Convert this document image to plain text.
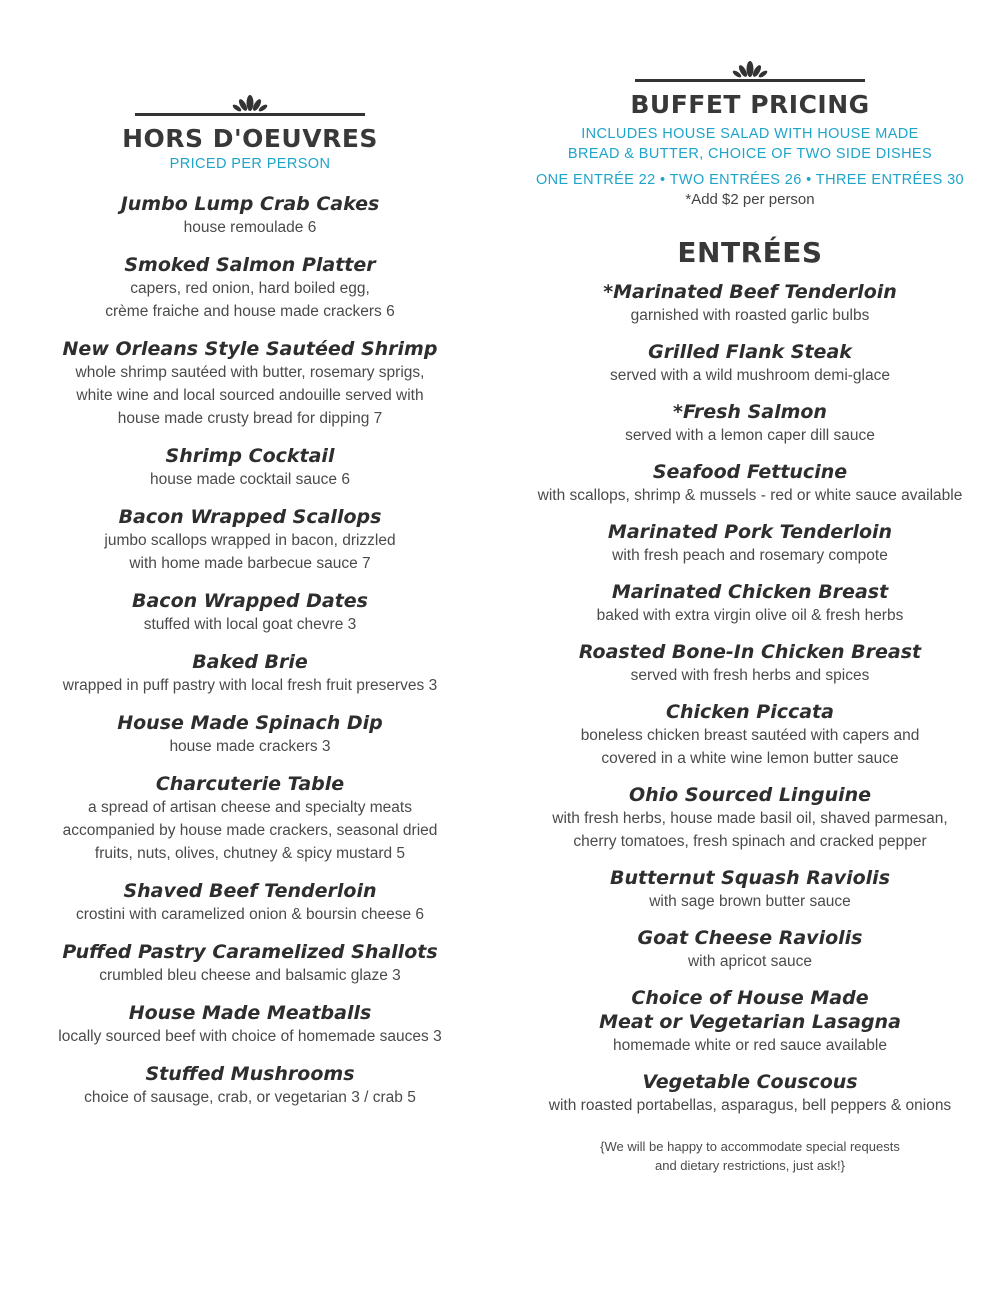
HORS D'OEUVRES
PRICED PER PERSON
Jumbo Lump Crab Cakes
house remoulade 6
Smoked Salmon Platter
capers, red onion, hard boiled egg,
crème fraiche and house made crackers 6
New Orleans Style Sautéed Shrimp
whole shrimp sautéed with butter, rosemary sprigs,
white wine and local sourced andouille served with
house made crusty bread for dipping 7
Shrimp Cocktail
house made cocktail sauce 6
Bacon Wrapped Scallops
jumbo scallops wrapped in bacon, drizzled
with home made barbecue sauce 7
Bacon Wrapped Dates
stuffed with local goat chevre 3
Baked Brie
wrapped in puff pastry with local fresh fruit preserves 3
House Made Spinach Dip
house made crackers 3
Charcuterie Table
a spread of artisan cheese and specialty meats
accompanied by house made crackers, seasonal dried
fruits, nuts, olives, chutney & spicy mustard 5
Shaved Beef Tenderloin
crostini with caramelized onion & boursin cheese 6
Puffed Pastry Caramelized Shallots
crumbled bleu cheese and balsamic glaze 3
House Made Meatballs
locally sourced beef with choice of homemade sauces 3
Stuffed Mushrooms
choice of sausage, crab, or vegetarian 3 / crab 5
BUFFET PRICING
INCLUDES HOUSE SALAD WITH HOUSE MADE
BREAD & BUTTER, CHOICE OF TWO SIDE DISHES
ONE ENTRÉE 22 • TWO ENTRÉES 26 • THREE ENTRÉES 30
*Add $2 per person
ENTRÉES
*Marinated Beef Tenderloin
garnished with roasted garlic bulbs
Grilled Flank Steak
served with a wild mushroom demi-glace
*Fresh Salmon
served with a lemon caper dill sauce
Seafood Fettucine
with scallops, shrimp & mussels - red or white sauce available
Marinated Pork Tenderloin
with fresh peach and rosemary compote
Marinated Chicken Breast
baked with extra virgin olive oil & fresh herbs
Roasted Bone-In Chicken Breast
served with fresh herbs and spices
Chicken Piccata
boneless chicken breast sautéed with capers and
covered in a white wine lemon butter sauce
Ohio Sourced Linguine
with fresh herbs, house made basil oil, shaved parmesan,
cherry tomatoes, fresh spinach and cracked pepper
Butternut Squash Raviolis
with sage brown butter sauce
Goat Cheese Raviolis
with apricot sauce
Choice of House Made
Meat or Vegetarian Lasagna
homemade white or red sauce available
Vegetable Couscous
with roasted portabellas, asparagus, bell peppers & onions
{We will be happy to accommodate special requests
and dietary restrictions, just ask!}
